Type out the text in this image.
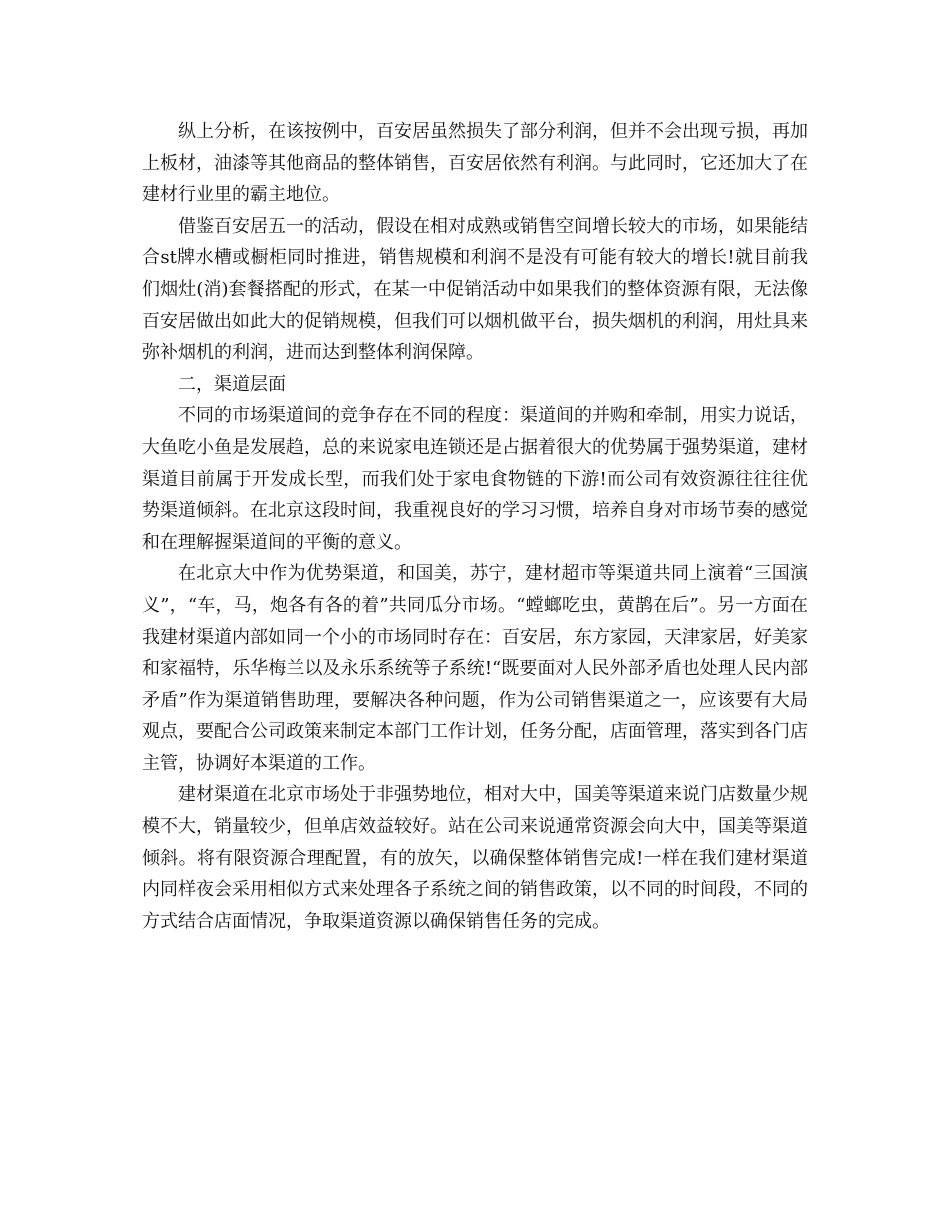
纵上分析，在该按例中，百安居虽然损失了部分利润，但并不会出现亏损，再加上板材，油漆等其他商品的整体销售，百安居依然有利润。与此同时，它还加大了在建材行业里的霸主地位。

借鉴百安居五一的活动，假设在相对成熟或销售空间增长较大的市场，如果能结合st牌水槽或橱柜同时推进，销售规模和利润不是没有可能有较大的增长!就目前我们烟灶(消)套餐搭配的形式，在某一中促销活动中如果我们的整体资源有限，无法像百安居做出如此大的促销规模，但我们可以烟机做平台，损失烟机的利润，用灶具来弥补烟机的利润，进而达到整体利润保障。

二，渠道层面

不同的市场渠道间的竞争存在不同的程度：渠道间的并购和牵制，用实力说话，大鱼吃小鱼是发展趋，总的来说家电连锁还是占据着很大的优势属于强势渠道，建材渠道目前属于开发成长型，而我们处于家电食物链的下游!而公司有效资源往往往优势渠道倾斜。在北京这段时间，我重视良好的学习习惯，培养自身对市场节奏的感觉和在理解握渠道间的平衡的意义。

在北京大中作为优势渠道，和国美，苏宁，建材超市等渠道共同上演着“三国演义”，“车，马，炮各有各的着”共同瓜分市场。“螳螂吃虫，黄鹊在后”。另一方面在我建材渠道内部如同一个小的市场同时存在：百安居，东方家园，天津家居，好美家和家福特，乐华梅兰以及永乐系统等子系统!“既要面对人民外部矛盾也处理人民内部矛盾”作为渠道销售助理，要解决各种问题，作为公司销售渠道之一，应该要有大局观点，要配合公司政策来制定本部门工作计划，任务分配，店面管理，落实到各门店主管，协调好本渠道的工作。

建材渠道在北京市场处于非强势地位，相对大中，国美等渠道来说门店数量少规模不大，销量较少，但单店效益较好。站在公司来说通常资源会向大中，国美等渠道倾斜。将有限资源合理配置，有的放矢，以确保整体销售完成!一样在我们建材渠道内同样夜会采用相似方式来处理各子系统之间的销售政策，以不同的时间段，不同的方式结合店面情况，争取渠道资源以确保销售任务的完成。
